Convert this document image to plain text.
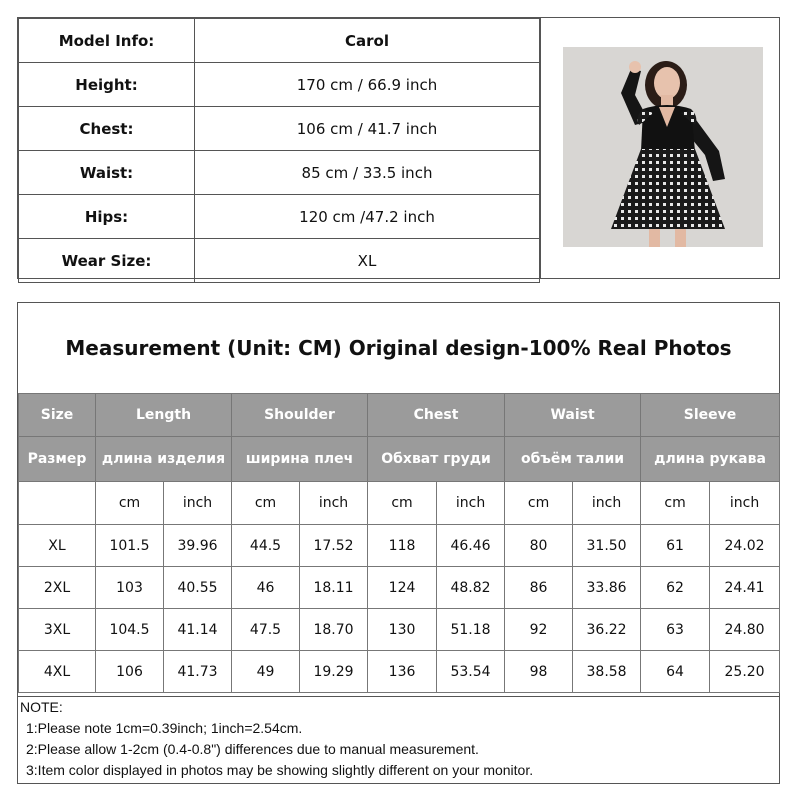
Model Info:	Carol
Height:	170 cm / 66.9 inch
Chest:	106 cm / 41.7 inch
Waist:	85 cm / 33.5 inch
Hips:	120 cm /47.2 inch
Wear Size:	XL
Measurement (Unit: CM) Original design-100% Real Photos
Size	Length		Shoulder		Chest		Waist		Sleeve	
Размер	длина изделия		ширина плеч		Обхват груди		объём талии		длина рукава	
	cm	inch	cm	inch	cm	inch	cm	inch	cm	inch
XL	101.5	39.96	44.5	17.52	118	46.46	80	31.50	61	24.02
2XL	103	40.55	46	18.11	124	48.82	86	33.86	62	24.41
3XL	104.5	41.14	47.5	18.70	130	51.18	92	36.22	63	24.80
4XL	106	41.73	49	19.29	136	53.54	98	38.58	64	25.20
NOTE:
1:Please note 1cm=0.39inch; 1inch=2.54cm.
2:Please allow 1-2cm (0.4-0.8") differences due to manual measurement.
3:Item color displayed in photos may be showing slightly different on your monitor.
